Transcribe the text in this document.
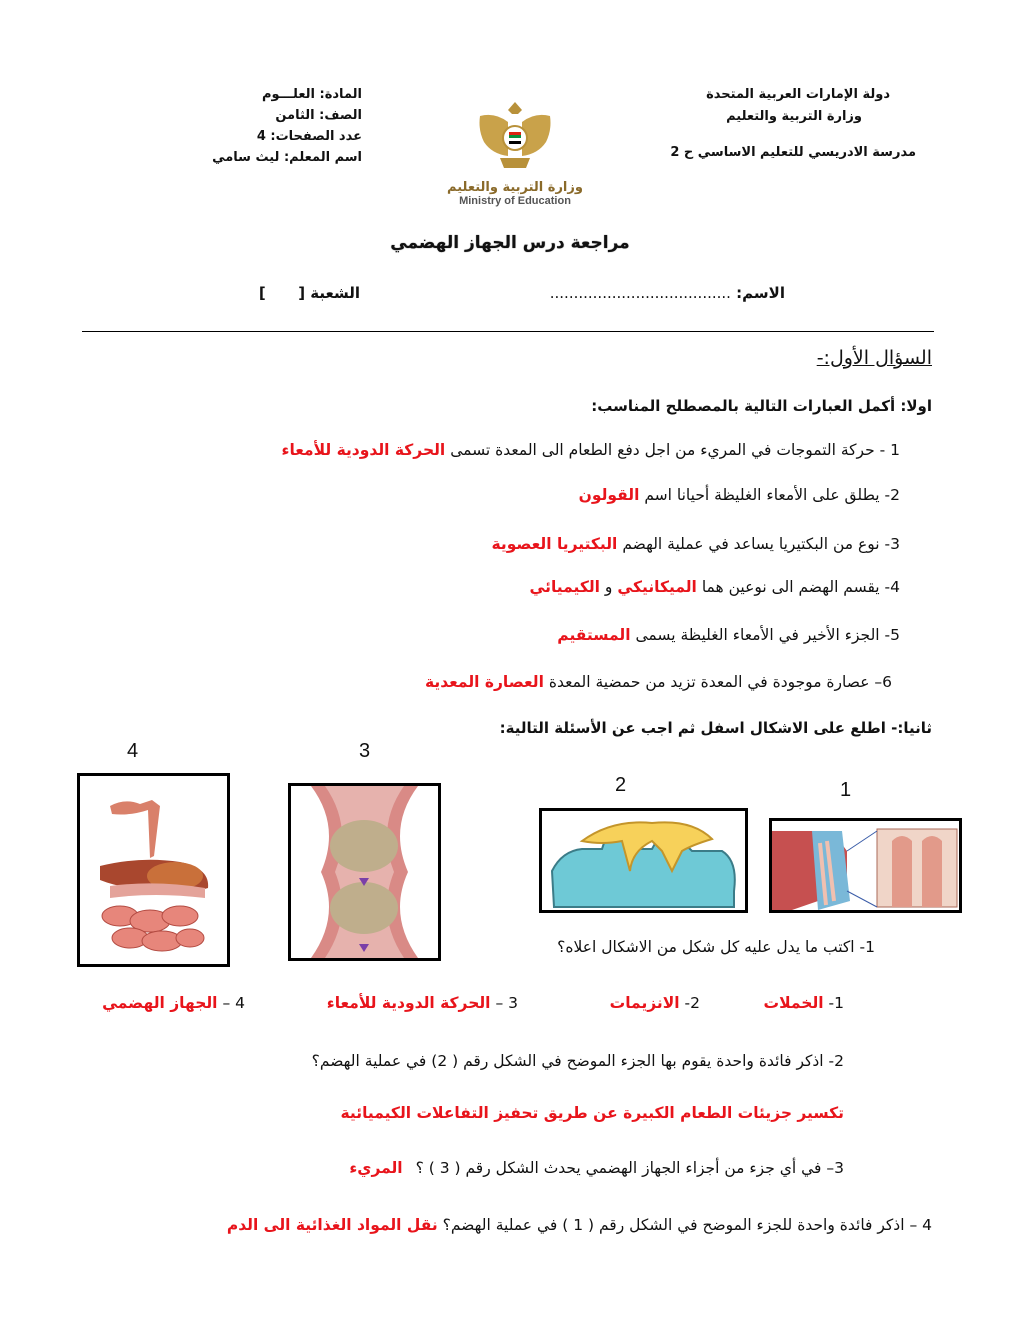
دولة الإمارات العربية المتحدة
وزارة التربية والتعليم
مدرسة الادريسي للتعليم الاساسي ح 2
المادة: العلـــوم
الصف: الثامن
عدد الصفحات: 4
اسم المعلم: ليث سامي
وزارة التربية والتعليم
Ministry of Education
مراجعة درس الجهاز الهضمي
الاسم: ......................................
الشعبة [  ]
السؤال الأول:-
اولا: أكمل العبارات التالية بالمصطلح المناسب:
1 - حركة التموجات في المريء من اجل دفع الطعام الى المعدة تسمى الحركة الدودية للأمعاء
2- يطلق على الأمعاء الغليظة أحيانا اسم القولون
3- نوع من البكتيريا يساعد في عملية الهضم البكتيريا العصوية
4- يقسم الهضم الى نوعين هما الميكانيكي و الكيميائي
5- الجزء الأخير في الأمعاء الغليظة يسمى المستقيم
6– عصارة موجودة في المعدة تزيد من حمضية المعدة العصارة المعدية
ثانيا:- اطلع على الاشكال اسفل ثم اجب عن الأسئلة التالية:
4	3
2	1
1- اكتب ما يدل عليه كل شكل من الاشكال اعلاه؟
1- الخملات
2- الانزيمات
3 – الحركة الدودية للأمعاء
4 – الجهاز الهضمي
2- اذكر فائدة واحدة يقوم بها الجزء الموضح في الشكل رقم ( 2) في عملية الهضم؟
تكسير جزيئات الطعام الكبيرة عن طريق تحفيز التفاعلات الكيميائية
3– في أي جزء من أجزاء الجهاز الهضمي يحدث الشكل رقم ( 3 ) ؟ المريء
4 – اذكر فائدة واحدة للجزء الموضح في الشكل رقم ( 1 ) في عملية الهضم؟ نقل المواد الغذائية الى الدم
